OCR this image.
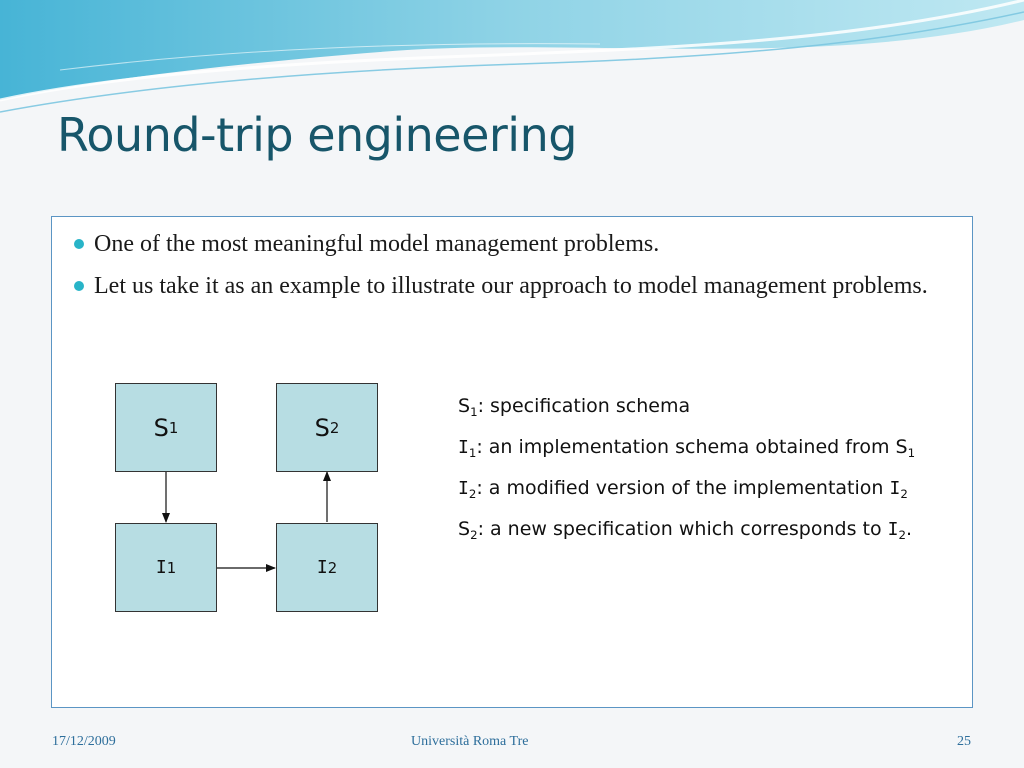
Round-trip engineering
One of the most meaningful model management problems.
Let us take it as an example to illustrate our approach to model management problems.
S 1	S 2
I 1	I 2

$S_1$: specification schema

$I_1$: an implementation schema obtained from $S_1$

$I_2$: a modified version of the implementation $I_2$

$S_2$: a new specification which corresponds to $I_2$.

17/12/2009	Università Roma Tre	25
